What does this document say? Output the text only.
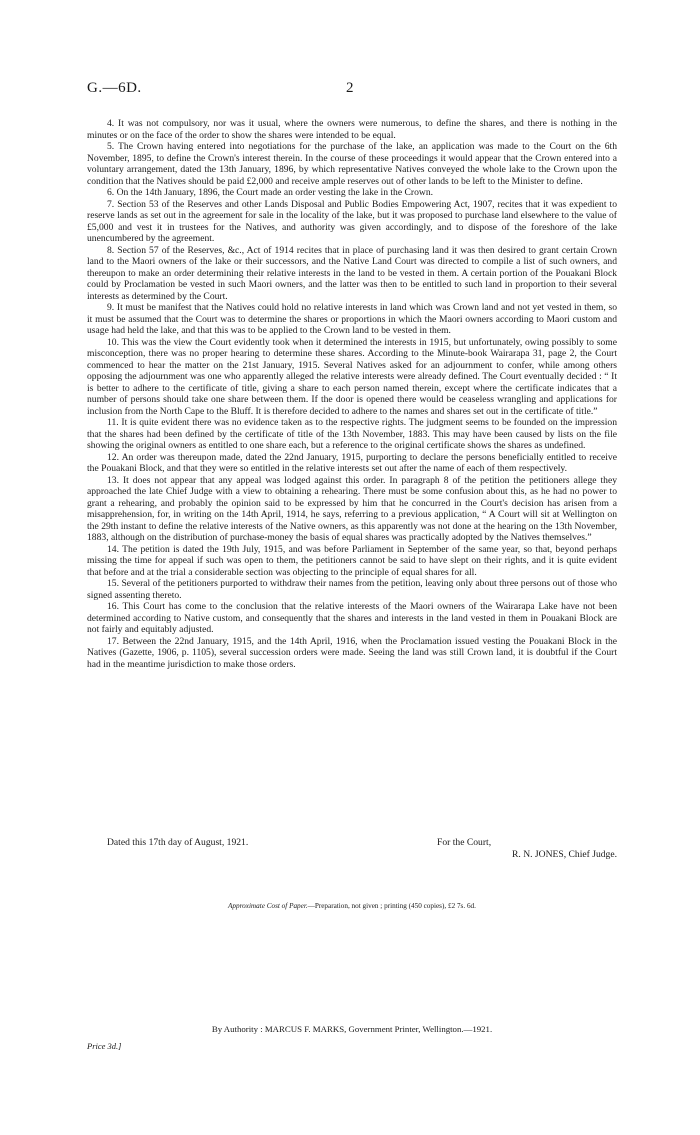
G.—6D.	2

4. It was not compulsory, nor was it usual, where the owners were numerous, to define the shares, and there is nothing in the minutes or on the face of the order to show the shares were intended to be equal.

5. The Crown having entered into negotiations for the purchase of the lake, an application was made to the Court on the 6th November, 1895, to define the Crown's interest therein. In the course of these proceedings it would appear that the Crown entered into a voluntary arrangement, dated the 13th January, 1896, by which representative Natives conveyed the whole lake to the Crown upon the condition that the Natives should be paid £2,000 and receive ample reserves out of other lands to be left to the Minister to define.

6. On the 14th January, 1896, the Court made an order vesting the lake in the Crown.

7. Section 53 of the Reserves and other Lands Disposal and Public Bodies Empowering Act, 1907, recites that it was expedient to reserve lands as set out in the agreement for sale in the locality of the lake, but it was proposed to purchase land elsewhere to the value of £5,000 and vest it in trustees for the Natives, and authority was given accordingly, and to dispose of the foreshore of the lake unencumbered by the agreement.

8. Section 57 of the Reserves, &c., Act of 1914 recites that in place of purchasing land it was then desired to grant certain Crown land to the Maori owners of the lake or their successors, and the Native Land Court was directed to compile a list of such owners, and thereupon to make an order determining their relative interests in the land to be vested in them. A certain portion of the Pouakani Block could by Proclamation be vested in such Maori owners, and the latter was then to be entitled to such land in proportion to their several interests as determined by the Court.

9. It must be manifest that the Natives could hold no relative interests in land which was Crown land and not yet vested in them, so it must be assumed that the Court was to determine the shares or proportions in which the Maori owners according to Maori custom and usage had held the lake, and that this was to be applied to the Crown land to be vested in them.

10. This was the view the Court evidently took when it determined the interests in 1915, but unfortunately, owing possibly to some misconception, there was no proper hearing to determine these shares. According to the Minute-book Wairarapa 31, page 2, the Court commenced to hear the matter on the 21st January, 1915. Several Natives asked for an adjournment to confer, while among others opposing the adjournment was one who apparently alleged the relative interests were already defined. The Court eventually decided : “ It is better to adhere to the certificate of title, giving a share to each person named therein, except where the certificate indicates that a number of persons should take one share between them. If the door is opened there would be ceaseless wrangling and applications for inclusion from the North Cape to the Bluff. It is therefore decided to adhere to the names and shares set out in the certificate of title.”

11. It is quite evident there was no evidence taken as to the respective rights. The judgment seems to be founded on the impression that the shares had been defined by the certificate of title of the 13th November, 1883. This may have been caused by lists on the file showing the original owners as entitled to one share each, but a reference to the original certificate shows the shares as undefined.

12. An order was thereupon made, dated the 22nd January, 1915, purporting to declare the persons beneficially entitled to receive the Pouakani Block, and that they were so entitled in the relative interests set out after the name of each of them respectively.

13. It does not appear that any appeal was lodged against this order. In paragraph 8 of the petition the petitioners allege they approached the late Chief Judge with a view to obtaining a rehearing. There must be some confusion about this, as he had no power to grant a rehearing, and probably the opinion said to be expressed by him that he concurred in the Court's decision has arisen from a misapprehension, for, in writing on the 14th April, 1914, he says, referring to a previous application, “ A Court will sit at Wellington on the 29th instant to define the relative interests of the Native owners, as this apparently was not done at the hearing on the 13th November, 1883, although on the distribution of purchase-money the basis of equal shares was practically adopted by the Natives themselves.”

14. The petition is dated the 19th July, 1915, and was before Parliament in September of the same year, so that, beyond perhaps missing the time for appeal if such was open to them, the petitioners cannot be said to have slept on their rights, and it is quite evident that before and at the trial a considerable section was objecting to the principle of equal shares for all.

15. Several of the petitioners purported to withdraw their names from the petition, leaving only about three persons out of those who signed assenting thereto.

16. This Court has come to the conclusion that the relative interests of the Maori owners of the Wairarapa Lake have not been determined according to Native custom, and consequently that the shares and interests in the land vested in them in Pouakani Block are not fairly and equitably adjusted.

17. Between the 22nd January, 1915, and the 14th April, 1916, when the Proclamation issued vesting the Pouakani Block in the Natives (Gazette, 1906, p. 1105), several succession orders were made. Seeing the land was still Crown land, it is doubtful if the Court had in the meantime jurisdiction to make those orders.

Dated this 17th day of August, 1921.	For the Court,
R. N. JONES, Chief Judge.
Approximate Cost of Paper.—Preparation, not given ; printing (450 copies), £2 7s. 6d.
By Authority : MARCUS F. MARKS, Government Printer, Wellington.—1921.
Price 3d.]
